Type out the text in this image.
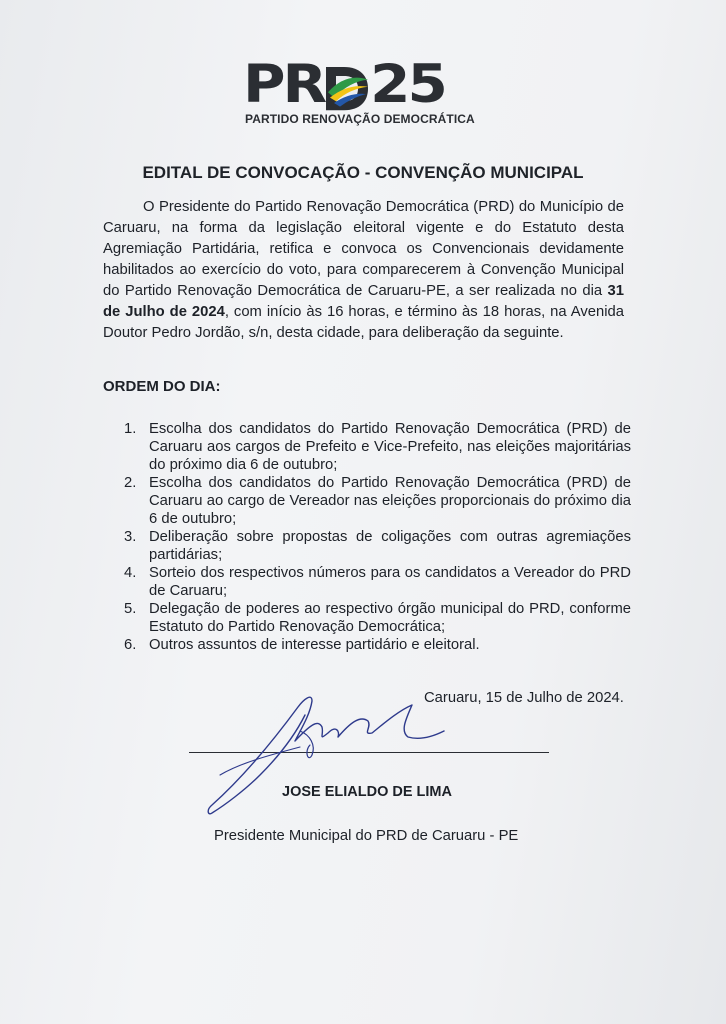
PR 25
PARTIDO RENOVAÇÃO DEMOCRÁTICA
EDITAL DE CONVOCAÇÃO - CONVENÇÃO MUNICIPAL

O Presidente do Partido Renovação Democrática (PRD) do Município de Caruaru, na forma da legislação eleitoral vigente e do Estatuto desta Agremiação Partidária, retifica e convoca os Convencionais devidamente habilitados ao exercício do voto, para comparecerem à Convenção Municipal do Partido Renovação Democrática de Caruaru-PE, a ser realizada no dia 31 de Julho de 2024, com início às 16 horas, e término às 18 horas, na Avenida Doutor Pedro Jordão, s/n, desta cidade, para deliberação da seguinte.

ORDEM DO DIA:
1. Escolha dos candidatos do Partido Renovação Democrática (PRD) de Caruaru aos cargos de Prefeito e Vice-Prefeito, nas eleições majoritárias do próximo dia 6 de outubro;
2. Escolha dos candidatos do Partido Renovação Democrática (PRD) de Caruaru ao cargo de Vereador nas eleições proporcionais do próximo dia 6 de outubro;
3. Deliberação sobre propostas de coligações com outras agremiações partidárias;
4. Sorteio dos respectivos números para os candidatos a Vereador do PRD de Caruaru;
5. Delegação de poderes ao respectivo órgão municipal do PRD, conforme Estatuto do Partido Renovação Democrática;
6. Outros assuntos de interesse partidário e eleitoral.
Caruaru, 15 de Julho de 2024.
JOSE ELIALDO DE LIMA
Presidente Municipal do PRD de Caruaru - PE
